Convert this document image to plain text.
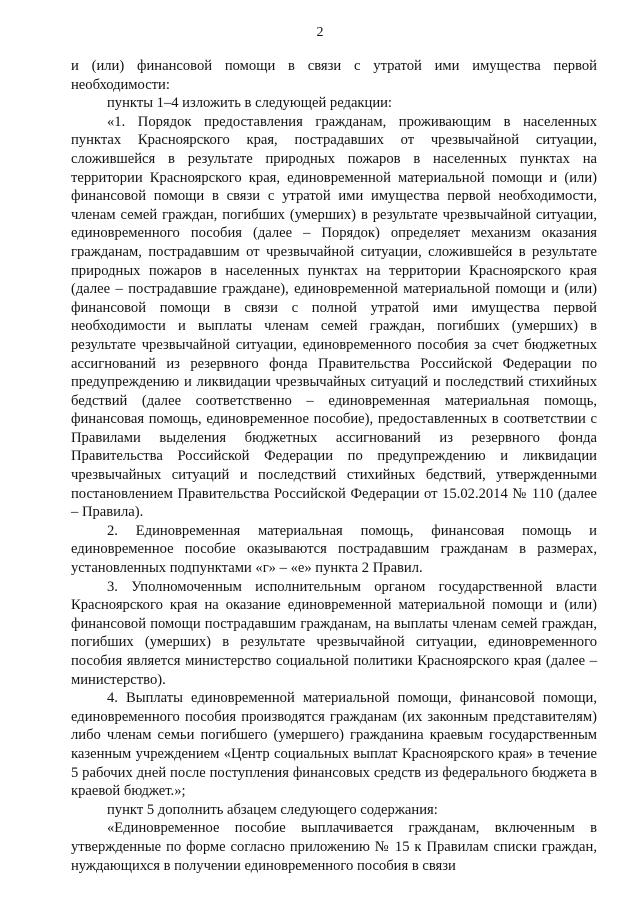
2

и (или) финансовой помощи в связи с утратой ими имущества первой необходимости:

пункты 1–4 изложить в следующей редакции:

«1. Порядок предоставления гражданам, проживающим в населенных пунктах Красноярского края, пострадавших от чрезвычайной ситуации, сложившейся в результате природных пожаров в населенных пунктах на территории Красноярского края, единовременной материальной помощи и (или) финансовой помощи в связи с утратой ими имущества первой необходимости, членам семей граждан, погибших (умерших) в результате чрезвычайной ситуации, единовременного пособия (далее – Порядок) определяет механизм оказания гражданам, пострадавшим от чрезвычайной ситуации, сложившейся в результате природных пожаров в населенных пунктах на территории Красноярского края (далее – пострадавшие граждане), единовременной материальной помощи и (или) финансовой помощи в связи с полной утратой ими имущества первой необходимости и выплаты членам семей граждан, погибших (умерших) в результате чрезвычайной ситуации, единовременного пособия за счет бюджетных ассигнований из резервного фонда Правительства Российской Федерации по предупреждению и ликвидации чрезвычайных ситуаций и последствий стихийных бедствий (далее соответственно – единовременная материальная помощь, финансовая помощь, единовременное пособие), предоставленных в соответствии с Правилами выделения бюджетных ассигнований из резервного фонда Правительства Российской Федерации по предупреждению и ликвидации чрезвычайных ситуаций и последствий стихийных бедствий, утвержденными постановлением Правительства Российской Федерации от 15.02.2014 № 110 (далее – Правила).

2. Единовременная материальная помощь, финансовая помощь и единовременное пособие оказываются пострадавшим гражданам в размерах, установленных подпунктами «г» – «е» пункта 2 Правил.

3. Уполномоченным исполнительным органом государственной власти Красноярского края на оказание единовременной материальной помощи и (или) финансовой помощи пострадавшим гражданам, на выплаты членам семей граждан, погибших (умерших) в результате чрезвычайной ситуации, единовременного пособия является министерство социальной политики Красноярского края (далее – министерство).

4. Выплаты единовременной материальной помощи, финансовой помощи, единовременного пособия производятся гражданам (их законным представителям) либо членам семьи погибшего (умершего) гражданина краевым государственным казенным учреждением «Центр социальных выплат Красноярского края» в течение 5 рабочих дней после поступления финансовых средств из федерального бюджета в краевой бюджет.»;

пункт 5 дополнить абзацем следующего содержания:

«Единовременное пособие выплачивается гражданам, включенным в утвержденные по форме согласно приложению № 15 к Правилам списки граждан, нуждающихся в получении единовременного пособия в связи
